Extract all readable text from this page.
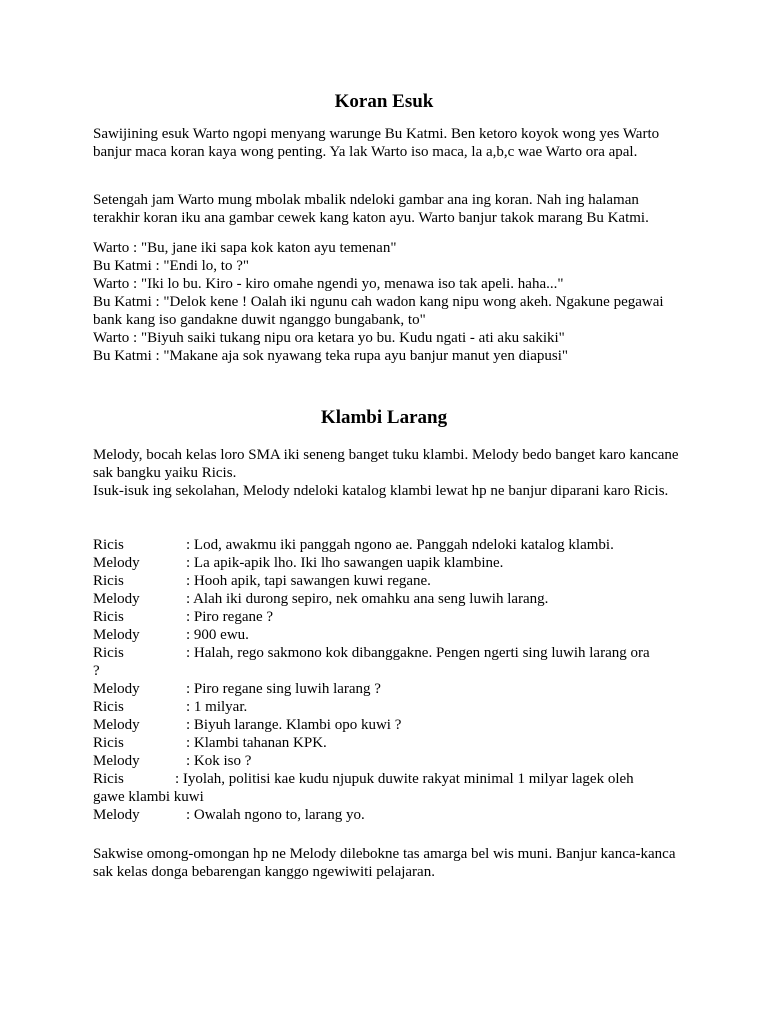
Koran Esuk

Sawijining esuk Warto ngopi menyang warunge Bu Katmi. Ben ketoro koyok wong yes Warto banjur maca koran kaya wong penting. Ya lak Warto iso maca, la a,b,c wae Warto ora apal.

Setengah jam Warto mung mbolak mbalik ndeloki gambar ana ing koran. Nah ing halaman terakhir koran iku ana gambar cewek kang katon ayu. Warto banjur takok marang Bu Katmi.

Warto : "Bu, jane iki sapa kok katon ayu temenan"
Bu Katmi : "Endi lo, to ?"
Warto : "Iki lo bu. Kiro - kiro omahe ngendi yo, menawa iso tak apeli. haha..."
Bu Katmi : "Delok kene ! Oalah iki ngunu cah wadon kang nipu wong akeh. Ngakune pegawai bank kang iso gandakne duwit nganggo bungabank, to"
Warto : "Biyuh saiki tukang nipu ora ketara yo bu. Kudu ngati - ati aku sakiki"
Bu Katmi : "Makane aja sok nyawang teka rupa ayu banjur manut yen diapusi"
Klambi Larang
Melody, bocah kelas loro SMA iki seneng banget tuku klambi. Melody bedo banget karo kancane sak bangku yaiku Ricis.
Isuk-isuk ing sekolahan, Melody ndeloki katalog klambi lewat hp ne banjur diparani karo Ricis.
Ricis	: Lod, awakmu iki panggah ngono ae. Panggah ndeloki katalog klambi.
Melody	: La apik-apik lho. Iki lho sawangen uapik klambine.
Ricis	: Hooh apik, tapi sawangen kuwi regane.
Melody	: Alah iki durong sepiro, nek omahku ana seng luwih larang.
Ricis	: Piro regane ?
Melody	: 900 ewu.
Ricis	: Halah, rego sakmono kok dibanggakne. Pengen ngerti sing luwih larang ora
?
Melody	: Piro regane sing luwih larang ?
Ricis	: 1 milyar.
Melody	: Biyuh larange. Klambi opo kuwi ?
Ricis	: Klambi tahanan KPK.
Melody	: Kok iso ?
Ricis	: Iyolah, politisi kae kudu njupuk duwite rakyat minimal 1 milyar lagek oleh
gawe klambi kuwi
Melody	: Owalah ngono to, larang yo.

Sakwise omong-omongan hp ne Melody dilebokne tas amarga bel wis muni. Banjur kanca-kanca sak kelas donga bebarengan kanggo ngewiwiti pelajaran.
